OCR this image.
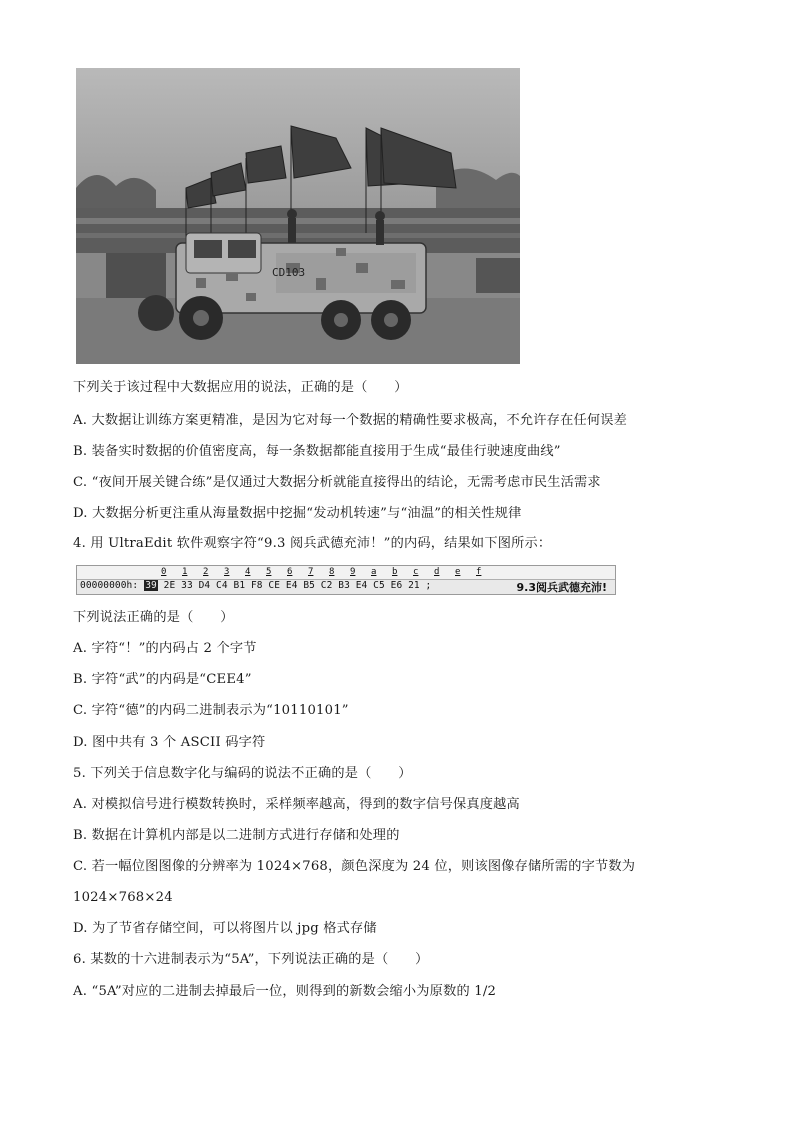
CD103
下列关于该过程中大数据应用的说法，正确的是（　　）
A. 大数据让训练方案更精准，是因为它对每一个数据的精确性要求极高，不允许存在任何误差
B. 装备实时数据的价值密度高，每一条数据都能直接用于生成“最佳行驶速度曲线”
C. “夜间开展关键合练”是仅通过大数据分析就能直接得出的结论，无需考虑市民生活需求
D. 大数据分析更注重从海量数据中挖掘“发动机转速”与“油温”的相关性规律
4. 用 UltraEdit 软件观察字符“9.3 阅兵武德充沛！”的内码，结果如下图所示：
0 1 2 3 4 5 6 7 8 9 a b c d e f
00000000h: 39 2E 33 D4 C4 B1 F8 CE E4 B5 C2 B3 E4 C5 E6 21 ;	9.3阅兵武德充沛!
下列说法正确的是（　　）
A. 字符“！”的内码占 2 个字节
B. 字符“武”的内码是“CEE4”
C. 字符“德”的内码二进制表示为“10110101”
D. 图中共有 3 个 ASCII 码字符
5. 下列关于信息数字化与编码的说法不正确的是（　　）
A. 对模拟信号进行模数转换时，采样频率越高，得到的数字信号保真度越高
B. 数据在计算机内部是以二进制方式进行存储和处理的
C. 若一幅位图图像的分辨率为 1024×768，颜色深度为 24 位，则该图像存储所需的字节数为
1024×768×24
D. 为了节省存储空间，可以将图片以 jpg 格式存储
6. 某数的十六进制表示为“5A”，下列说法正确的是（　　）
A. “5A”对应的二进制去掉最后一位，则得到的新数会缩小为原数的 1/2
